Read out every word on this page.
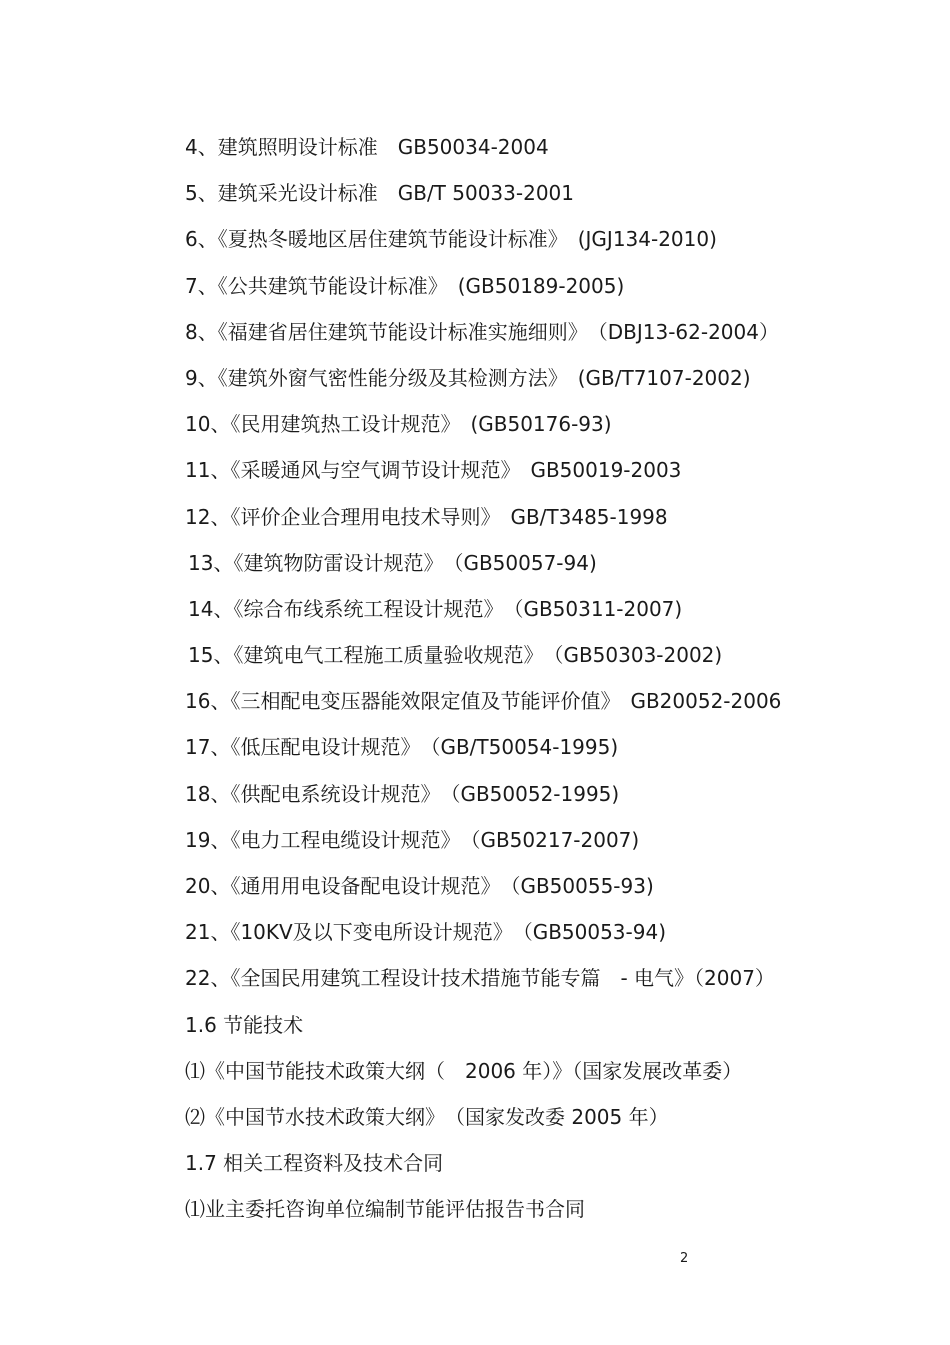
4、建筑照明设计标准　GB50034-2004
5、建筑采光设计标准　GB/T 50033-2001
6、《夏热冬暖地区居住建筑节能设计标准》　(JGJ134-2010)
7、《公共建筑节能设计标准》　(GB50189-2005)
8、《福建省居住建筑节能设计标准实施细则》　（DBJ13-62-2004）
9、《建筑外窗气密性能分级及其检测方法》　(GB/T7107-2002)
10、《民用建筑热工设计规范》　(GB50176-93)
11、《采暖通风与空气调节设计规范》　GB50019-2003
12、《评价企业合理用电技术导则》　GB/T3485-1998
13、《建筑物防雷设计规范》　（GB50057-94)
14、《综合布线系统工程设计规范》　（GB50311-2007)
15、《建筑电气工程施工质量验收规范》　（GB50303-2002)
16、《三相配电变压器能效限定值及节能评价值》　GB20052-2006
17、《低压配电设计规范》　（GB/T50054-1995)
18、《供配电系统设计规范》　（GB50052-1995)
19、《电力工程电缆设计规范》　（GB50217-2007)
20、《通用用电设备配电设计规范》　（GB50055-93)
21、《10KV及以下变电所设计规范》　（GB50053-94)
22、《全国民用建筑工程设计技术措施节能专篇　- 电气》（2007）
1.6 节能技术
⑴《中国节能技术政策大纲（　2006 年）》（国家发展改革委）
⑵《中国节水技术政策大纲》　（国家发改委 2005 年）
1.7 相关工程资料及技术合同
⑴业主委托咨询单位编制节能评估报告书合同
2
